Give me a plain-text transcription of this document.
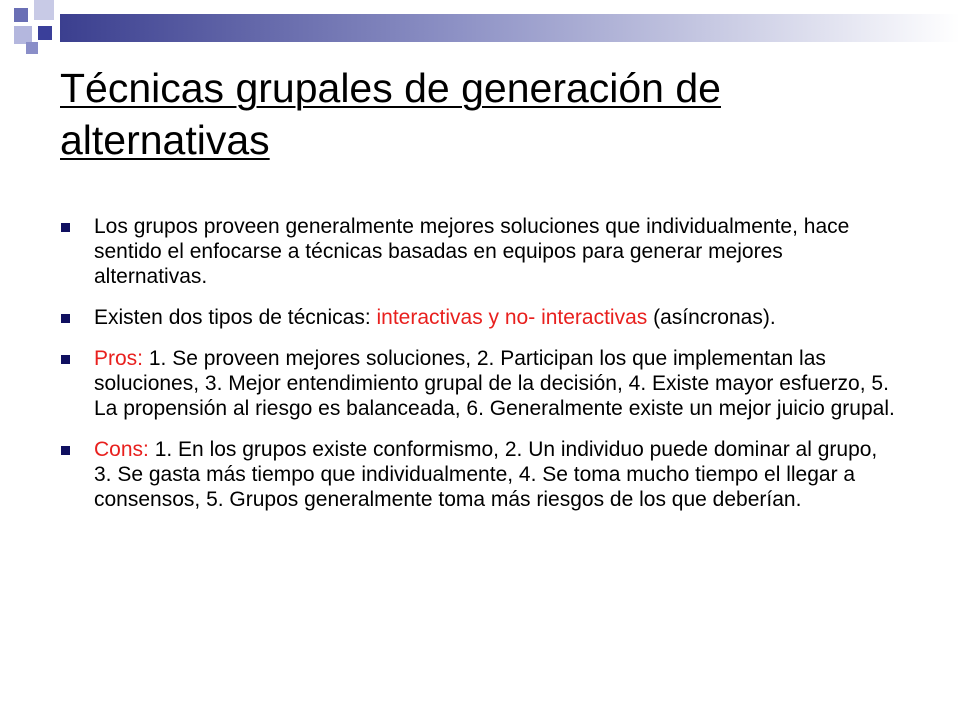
Técnicas grupales de generación de alternativas
Los grupos proveen generalmente mejores soluciones que individualmente, hace sentido el enfocarse a técnicas basadas en equipos para generar mejores alternativas.
Existen dos tipos de técnicas: interactivas y no- interactivas (asíncronas).
Pros: 1. Se proveen mejores soluciones, 2. Participan los que implementan las soluciones, 3. Mejor entendimiento grupal de la decisión, 4. Existe mayor esfuerzo, 5. La propensión al riesgo es balanceada, 6. Generalmente existe un mejor juicio grupal.
Cons: 1. En los grupos existe conformismo, 2. Un individuo puede dominar al grupo, 3. Se gasta más tiempo que individualmente, 4. Se toma mucho tiempo el llegar a consensos, 5. Grupos generalmente toma más riesgos de los que deberían.
